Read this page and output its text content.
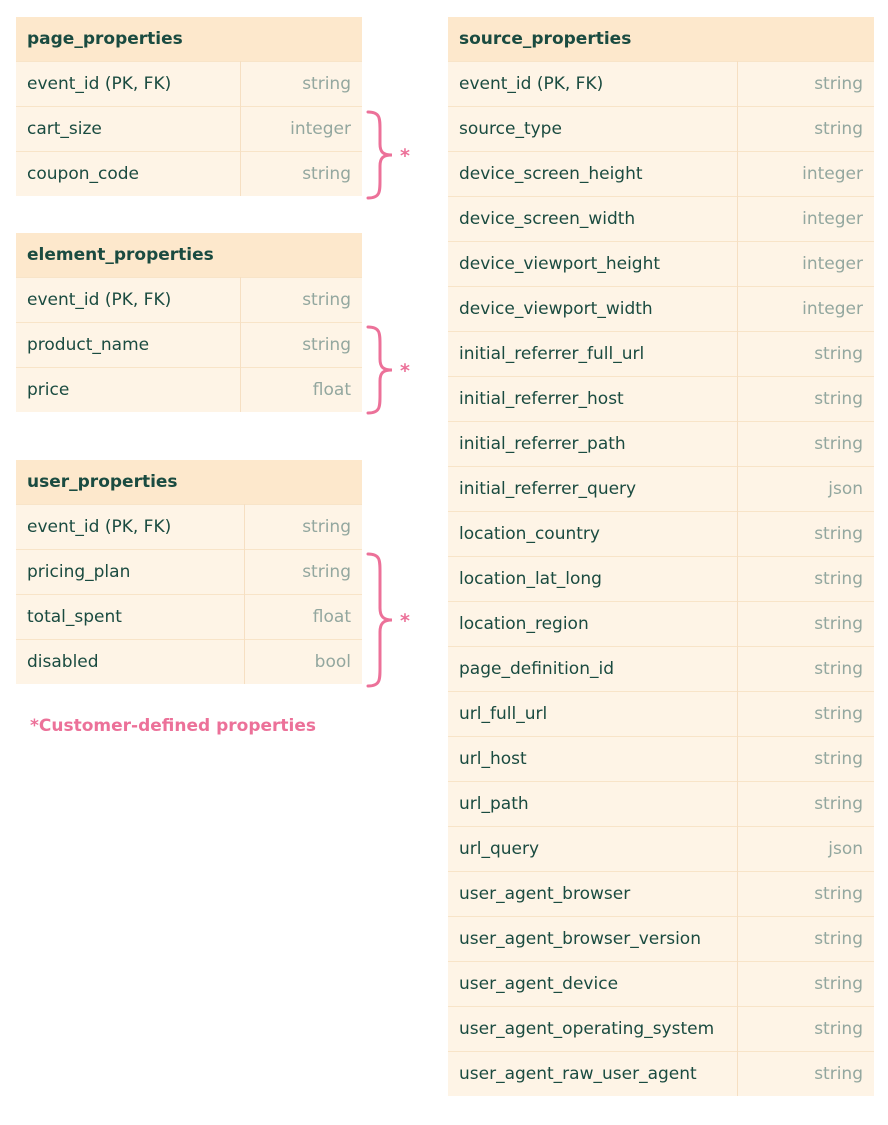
page_properties	
event_id (PK, FK)	string
cart_size	integer
coupon_code	string
element_properties	
event_id (PK, FK)	string
product_name	string
price	float
user_properties	
event_id (PK, FK)	string
pricing_plan	string
total_spent	float
disabled	bool
source_properties	
event_id (PK, FK)	string
source_type	string
device_screen_height	integer
device_screen_width	integer
device_viewport_height	integer
device_viewport_width	integer
initial_referrer_full_url	string
initial_referrer_host	string
initial_referrer_path	string
initial_referrer_query	json
location_country	string
location_lat_long	string
location_region	string
page_definition_id	string
url_full_url	string
url_host	string
url_path	string
url_query	json
user_agent_browser	string
user_agent_browser_version	string
user_agent_device	string
user_agent_operating_system	string
user_agent_raw_user_agent	string
*
*
*
*Customer-defined properties
